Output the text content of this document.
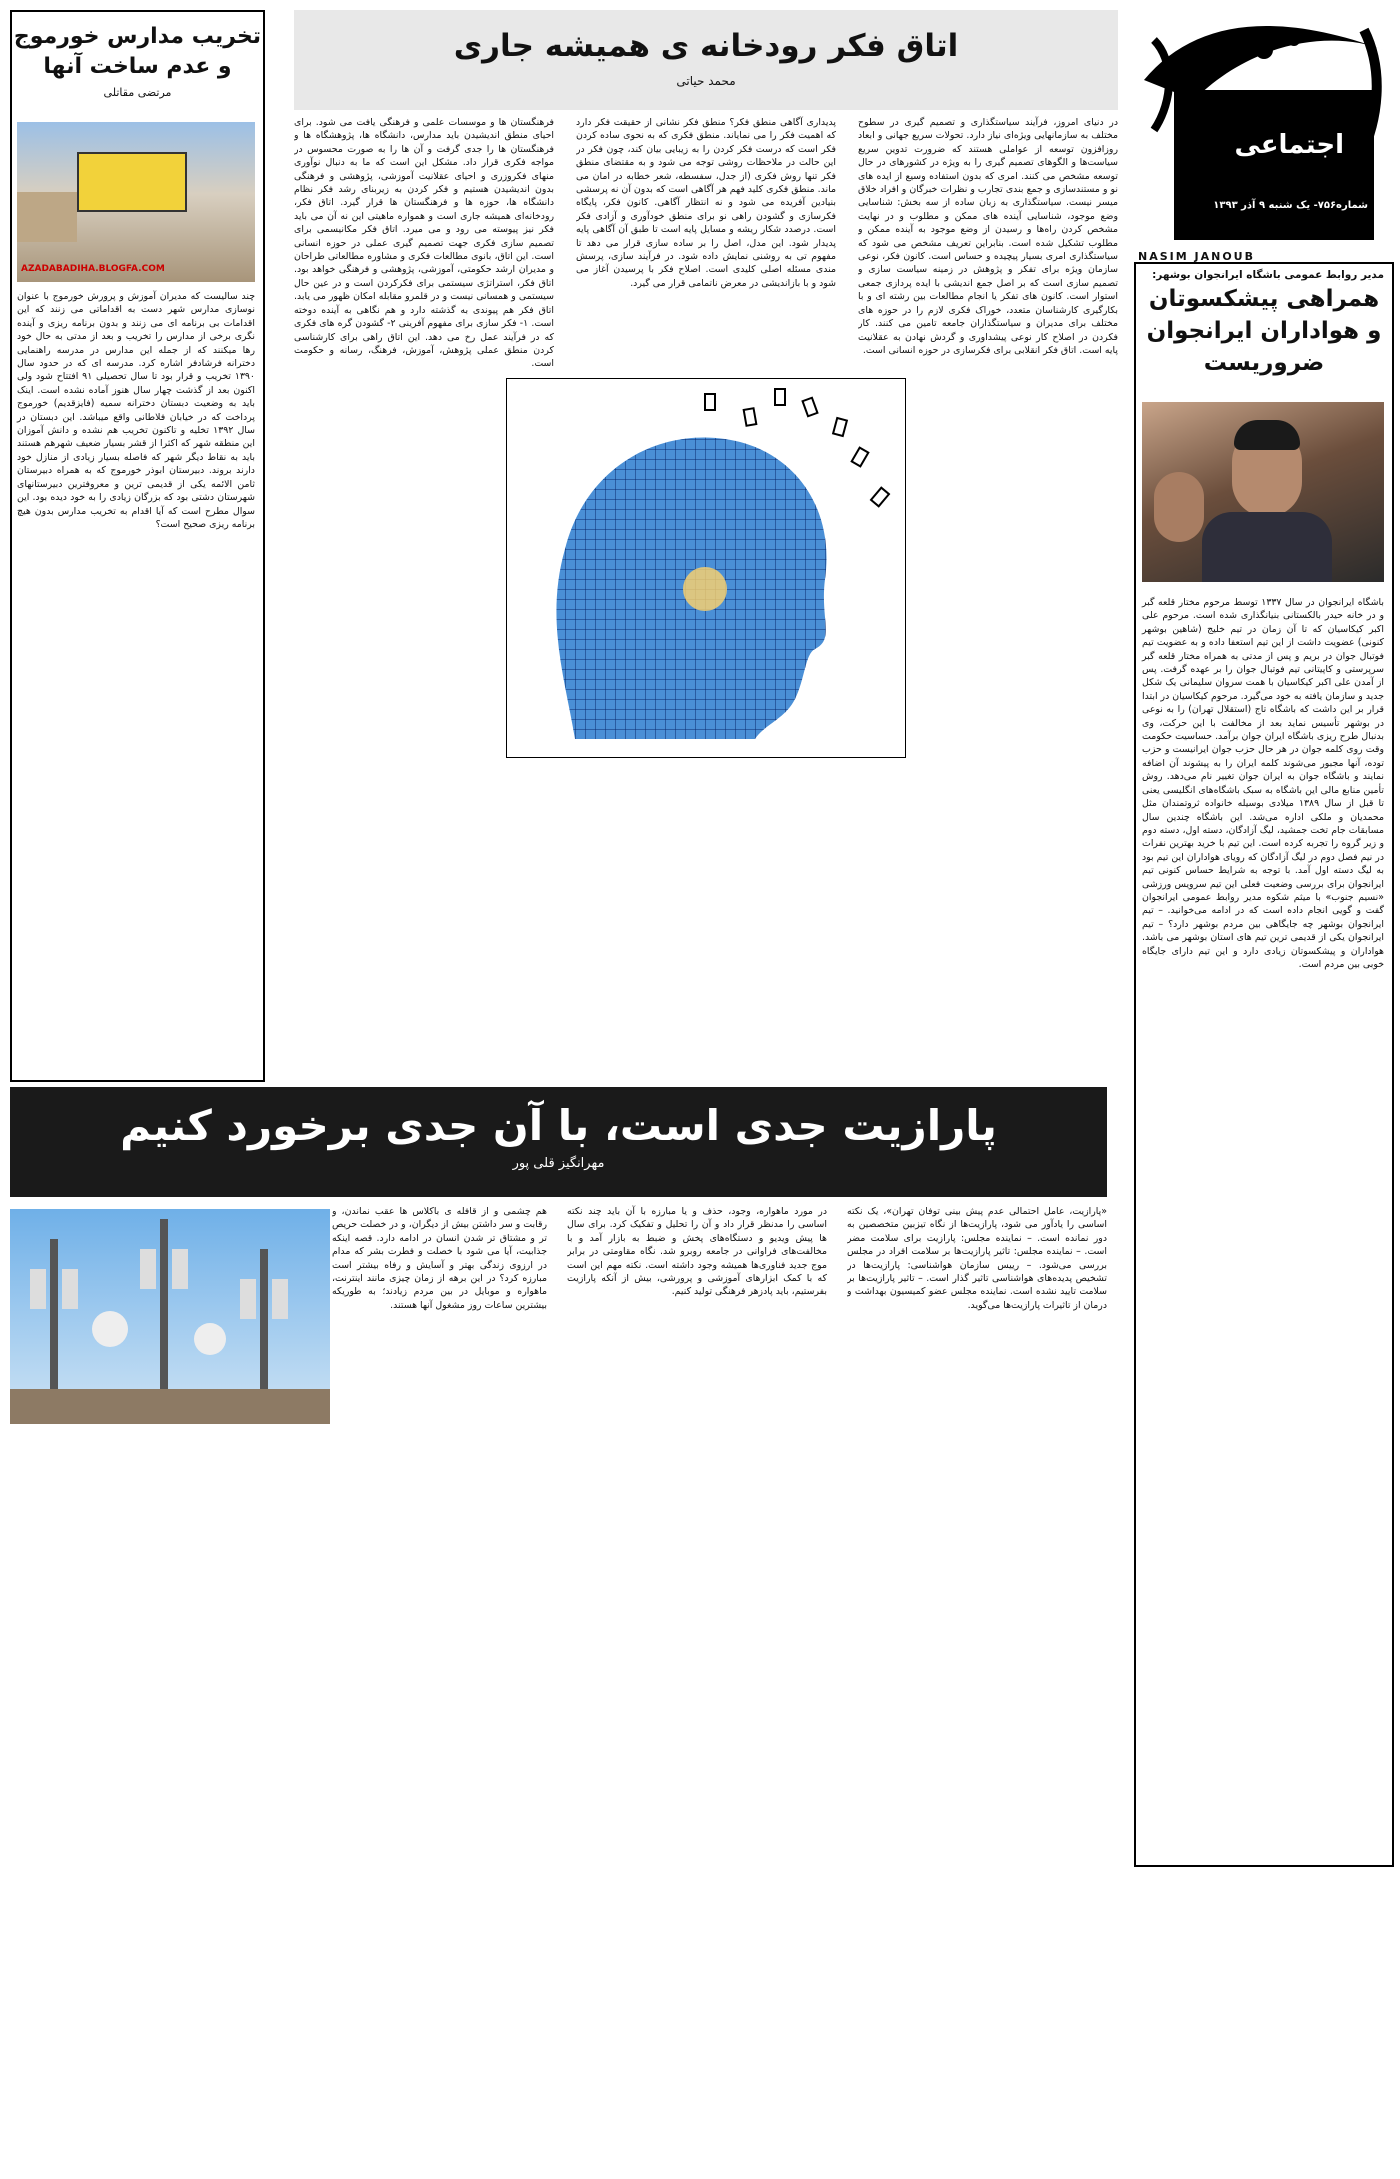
اجتماعی
شماره۷۵۶- یک شنبه ۹ آذر ۱۳۹۳
NASIM JANOUB
مدیر روابط عمومی باشگاه ایرانجوان بوشهر:
همراهی پیشکسوتان و هواداران ایرانجوان ضروریست
باشگاه ایرانجوان در سال ۱۳۳۷ توسط مرحوم مختار قلعه گبر و در خانه حیدر بالکستانی بنیانگذاری شده است. مرحوم علی اکبر کیکاسیان که تا آن زمان در تیم خلیج (شاهین بوشهر کنونی) عضویت داشت از این تیم استعفا داده و به عضویت تیم فوتبال جوان در بریم و پس از مدتی به همراه مختار قلعه گبر سرپرستی و کاپیتانی تیم فوتبال جوان را بر عهده گرفت. پس از آمدن علی اکبر کیکاسیان با همت سروان سلیمانی یک شکل جدید و سازمان یافته به خود می‌گیرد. مرحوم کیکاسیان در ابتدا قرار بر این داشت که باشگاه تاج (استقلال تهران) را به نوعی در بوشهر تأسیس نماید بعد از مخالفت با این حرکت، وی بدنبال طرح ریزی باشگاه ایران جوان برآمد. حساسیت حکومت وقت روی کلمه جوان در هر حال حزب جوان ایرانیست و حزب توده، آنها مجبور می‌شوند کلمه ایران را به پیشوند آن اضافه نمایند و باشگاه جوان به ایران جوان تغییر نام می‌دهد. روش تأمین منابع مالی این باشگاه به سبک باشگاه‌های انگلیسی یعنی تا قبل از سال ۱۳۸۹ میلادی بوسیله خانواده ثروتمندان مثل محمدیان و ملکی اداره می‌شد. این باشگاه چندین سال مسابقات جام تخت جمشید، لیگ آزادگان، دسته اول، دسته دوم و زیر گروه را تجربه کرده است. این تیم با خرید بهترین نفرات در نیم فصل دوم در لیگ آزادگان که رویای هواداران این تیم بود به لیگ دسته اول آمد. با توجه به شرایط حساس کنونی تیم ایرانجوان برای بررسی وضعیت فعلی این تیم سرویس ورزشی «نسیم جنوب» با میثم شکوه مدیر روابط عمومی ایرانجوان گفت و گویی انجام داده است که در ادامه می‌خوانید. – تیم ایرانجوان بوشهر چه جایگاهی بین مردم بوشهر دارد؟ – تیم ایرانجوان یکی از قدیمی ترین تیم های استان بوشهر می باشد. هواداران و پیشکسوتان زیادی دارد و این تیم دارای جایگاه خوبی بین مردم است.
اتاق فکر رودخانه ی همیشه جاری
محمد حیاتی
در دنیای امروز، فرآیند سیاستگذاری و تصمیم گیری در سطوح مختلف به سازمانهایی ویژه‌ای نیاز دارد. تحولات سریع جهانی و ابعاد روزافزون توسعه از عواملی هستند که ضرورت تدوین سریع سیاست‌ها و الگوهای تصمیم گیری را به ویژه در کشورهای در حال توسعه مشخص می کنند. امری که بدون استفاده وسیع از ایده های نو و مستندسازی و جمع بندی تجارب و نظرات خبرگان و افراد خلاق میسر نیست. سیاستگذاری به زبان ساده از سه بخش: شناسایی وضع موجود، شناسایی آینده های ممکن و مطلوب و در نهایت مشخص کردن راه‌ها و رسیدن از وضع موجود به آینده ممکن و مطلوب تشکیل شده است. بنابراین تعریف مشخص می شود که سیاستگذاری امری بسیار پیچیده و حساس است. کانون فکر، نوعی سازمان ویژه برای تفکر و پژوهش در زمینه سیاست سازی و تصمیم سازی است که بر اصل جمع اندیشی با ایده پردازی جمعی استوار است. کانون های تفکر یا انجام مطالعات بین رشته ای و با بکارگیری کارشناسان متعدد، خوراک فکری لازم را در حوزه های مختلف برای مدیران و سیاستگذاران جامعه تامین می کنند. کار فکردن در اصلاح کار نوعی پیشداوری و گردش نهادن به عقلانیت پایه است. اتاق فکر انقلابی برای فکرسازی در حوزه انسانی است.
پدیداری آگاهی منطق فکر؟ منطق فکر نشانی از حقیقت فکر دارد که اهمیت فکر را می نمایاند. منطق فکری که به نحوی ساده کردن فکر است که درست فکر کردن را به زیبایی بیان کند، چون فکر در این حالت در ملاحظات روشی توجه می شود و به مقتضای منطق فکر تنها روش فکری (از جدل، سفسطه، شعر خطابه در امان می ماند. منطق فکری کلید فهم هر آگاهی است که بدون آن نه پرسشی بنیادین آفریده می شود و نه انتظار آگاهی. کانون فکر، پایگاه فکرسازی و گشودن راهی نو برای منطق خودآوری و آزادی فکر است. درصدد شکار ریشه و مسایل پایه است تا طبق آن آگاهی پایه پدیدار شود. این مدل، اصل را بر ساده سازی قرار می دهد تا مفهوم تی به روشنی نمایش داده شود. در فرآیند سازی، پرسش مندی مسئله اصلی کلیدی است. اصلاح فکر با پرسیدن آغاز می شود و با بازاندیشی در معرض ناتمامی قرار می گیرد.
فرهنگستان ها و موسسات علمی و فرهنگی یافت می شود. برای احیای منطق اندیشیدن باید مدارس، دانشگاه ها، پژوهشگاه ها و فرهنگستان ها را جدی گرفت و آن ها را به صورت محسوس در مواجه فکری قرار داد. مشکل این است که ما به دنبال نوآوری منهای فکروزری و احیای عقلانیت آموزشی، پژوهشی و فرهنگی بدون اندیشیدن هستیم و فکر کردن به زیربنای رشد فکر نظام دانشگاه ها، حوزه ها و فرهنگستان ها قرار گیرد. اتاق فکر، رودخانه‌ای همیشه جاری است و همواره ماهیتی این نه آن می باید فکر نیز پیوسته می رود و می میرد. اتاق فکر مکانیسمی برای تصمیم سازی فکری جهت تصمیم گیری عملی در حوزه انسانی است. این اتاق، بانوی مطالعات فکری و مشاوره مطالعاتی طراحان و مدیران ارشد حکومتی، آموزشی، پژوهشی و فرهنگی خواهد بود. اتاق فکر، استراتژی سیستمی برای فکرکردن است و در عین حال سیستمی و همسانی نیست و در قلمرو مقابله امکان ظهور می یابد. اتاق فکر هم پیوندی به گذشته دارد و هم نگاهی به آینده دوخته است. ۱- فکر سازی برای مفهوم آفرینی ۲- گشودن گره های فکری که در فرآیند عمل رخ می دهد. این اتاق راهی برای کارشناسی کردن منطق عملی پژوهش، آموزش، فرهنگ، رسانه و حکومت است.
تخریب مدارس خورموج و عدم ساخت آنها
مرتضی مقاتلی
AZADABADIHA.BLOGFA.COM
چند سالیست که مدیران آموزش و پرورش خورموج با عنوان نوسازی مدارس شهر دست به اقداماتی می زنند که این اقدامات بی برنامه ای می زنند و بدون برنامه ریزی و آینده نگری برخی از مدارس را تخریب و بعد از مدتی به حال خود رها میکنند که از جمله این مدارس در مدرسه راهنمایی دخترانه فرشادفر اشاره کرد. مدرسه ای که در حدود سال ۱۳۹۰ تخریب و قرار بود تا سال تحصیلی ۹۱ افتتاح شود ولی اکنون بعد از گذشت چهار سال هنوز آماده نشده است. اینک باید به وضعیت دبستان دخترانه سمیه (فایزقدیم) خورموج پرداخت که در خیابان فلاطانی واقع میباشد. این دبستان در سال ۱۳۹۲ تخلیه و تاکنون تخریب هم نشده و دانش آموزان این منطقه شهر که اکثرا از قشر بسیار ضعیف شهرهم هستند باید به نقاط دیگر شهر که فاصله بسیار زیادی از منازل خود دارند بروند. دبیرستان ابوذر خورموج که به همراه دبیرستان ثامن الائمه یکی از قدیمی ترین و معروفترین دبیرستانهای شهرستان دشتی بود که بزرگان زیادی را به خود دیده بود. این سوال مطرح است که آیا اقدام به تخریب مدارس بدون هیچ برنامه ریزی صحیح است؟
پارازیت جدی است، با آن جدی برخورد کنیم
مهرانگیز قلی پور
«پارازیت، عامل احتمالی عدم پیش بینی توفان تهران»، یک نکته اساسی را یادآور می شود، پارازیت‌ها از نگاه تیزبین متخصصین به دور نمانده است. – نماینده مجلس: پارازیت برای سلامت مضر است. – نماینده مجلس: تاثیر پارازیت‌ها بر سلامت افراد در مجلس بررسی می‌شود. – رییس سازمان هواشناسی: پارازیت‌ها در تشخیص پدیده‌های هواشناسی تاثیر گذار است. – تاثیر پارازیت‌ها بر سلامت تایید نشده است. نماینده مجلس عضو کمیسیون بهداشت و درمان از تاثیرات پارازیت‌ها می‌گوید.
در مورد ماهواره، وجود، حذف و یا مبارزه با آن باید چند نکته اساسی را مدنظر قرار داد و آن را تحلیل و تفکیک کرد. برای سال ها پیش ویدیو و دستگاه‌های پخش و ضبط به بازار آمد و با مخالفت‌های فراوانی در جامعه روبرو شد. نگاه مقاومتی در برابر موج جدید فناوری‌ها همیشه وجود داشته است. نکته مهم این است که با کمک ابزارهای آموزشی و پرورشی، بیش از آنکه پارازیت بفرستیم، باید پادزهر فرهنگی تولید کنیم.
هم چشمی و از قافله ی باکلاس ها عقب نماندن، و رقابت و سر داشتن بیش از دیگران، و در خصلت حریص تر و مشتاق تر شدن انسان در ادامه دارد. قصه اینکه جذابیت، آیا می شود با خصلت و فطرت بشر که مدام در ارزوی زندگی بهتر و آسایش و رفاه بیشتر است مبارزه کرد؟ در این برهه از زمان چیزی مانند اینترنت، ماهواره و موبایل در بین مردم زیادند؛ به طوریکه بیشترین ساعات روز مشغول آنها هستند.
